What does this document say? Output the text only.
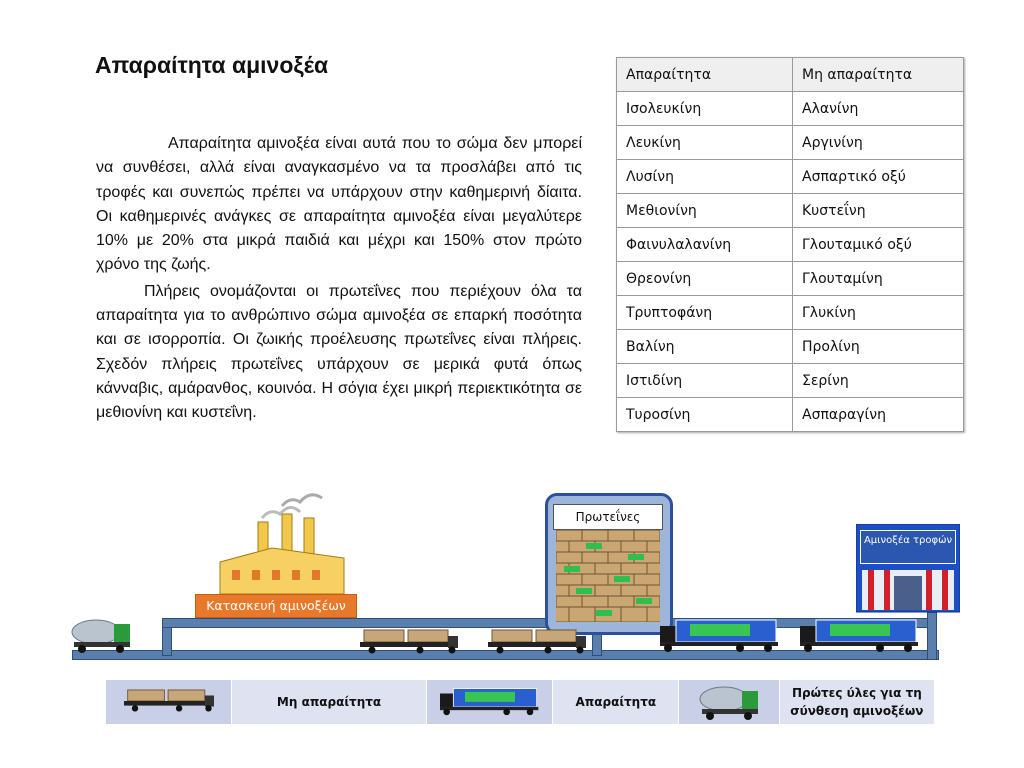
Απαραίτητα αμινοξέα

Απαραίτητα αμινοξέα είναι αυτά που το σώμα δεν μπορεί να συνθέσει, αλλά είναι αναγκασμένο να τα προσλάβει από τις τροφές και συνεπώς πρέπει να υπάρχουν στην καθημερινή δίαιτα. Οι καθημερινές ανάγκες σε απαραίτητα αμινοξέα είναι μεγαλύτερε 10% με 20% στα μικρά παιδιά και μέχρι και 150% στον πρώτο χρόνο της ζωής.

Πλήρεις ονομάζονται οι πρωτεΐνες που περιέχουν όλα τα απαραίτητα για το ανθρώπινο σώμα αμινοξέα σε επαρκή ποσότητα και σε ισορροπία. Οι ζωικής προέλευσης πρωτεΐνες είναι πλήρεις. Σχεδόν πλήρεις πρωτεΐνες υπάρχουν σε μερικά φυτά όπως κάνναβις, αμάρανθος, κουινόα. Η σόγια έχει μικρή περιεκτικότητα σε μεθιονίνη και κυστεΐνη.

Απαραίτητα	Μη απαραίτητα
Ισολευκίνη	Αλανίνη
Λευκίνη	Αργινίνη
Λυσίνη	Ασπαρτικό οξύ
Μεθιονίνη	Κυστεΐνη
Φαινυλαλανίνη	Γλουταμικό οξύ
Θρεονίνη	Γλουταμίνη
Τρυπτοφάνη	Γλυκίνη
Βαλίνη	Προλίνη
Ιστιδίνη	Σερίνη
Τυροσίνη	Ασπαραγίνη
Κατασκευή αμινοξέων
Πρωτεΐνες
Αμινοξέα τροφών
	Μη απαραίτητα		Απαραίτητα		Πρώτες ύλες για τη σύνθεση αμινοξέων
